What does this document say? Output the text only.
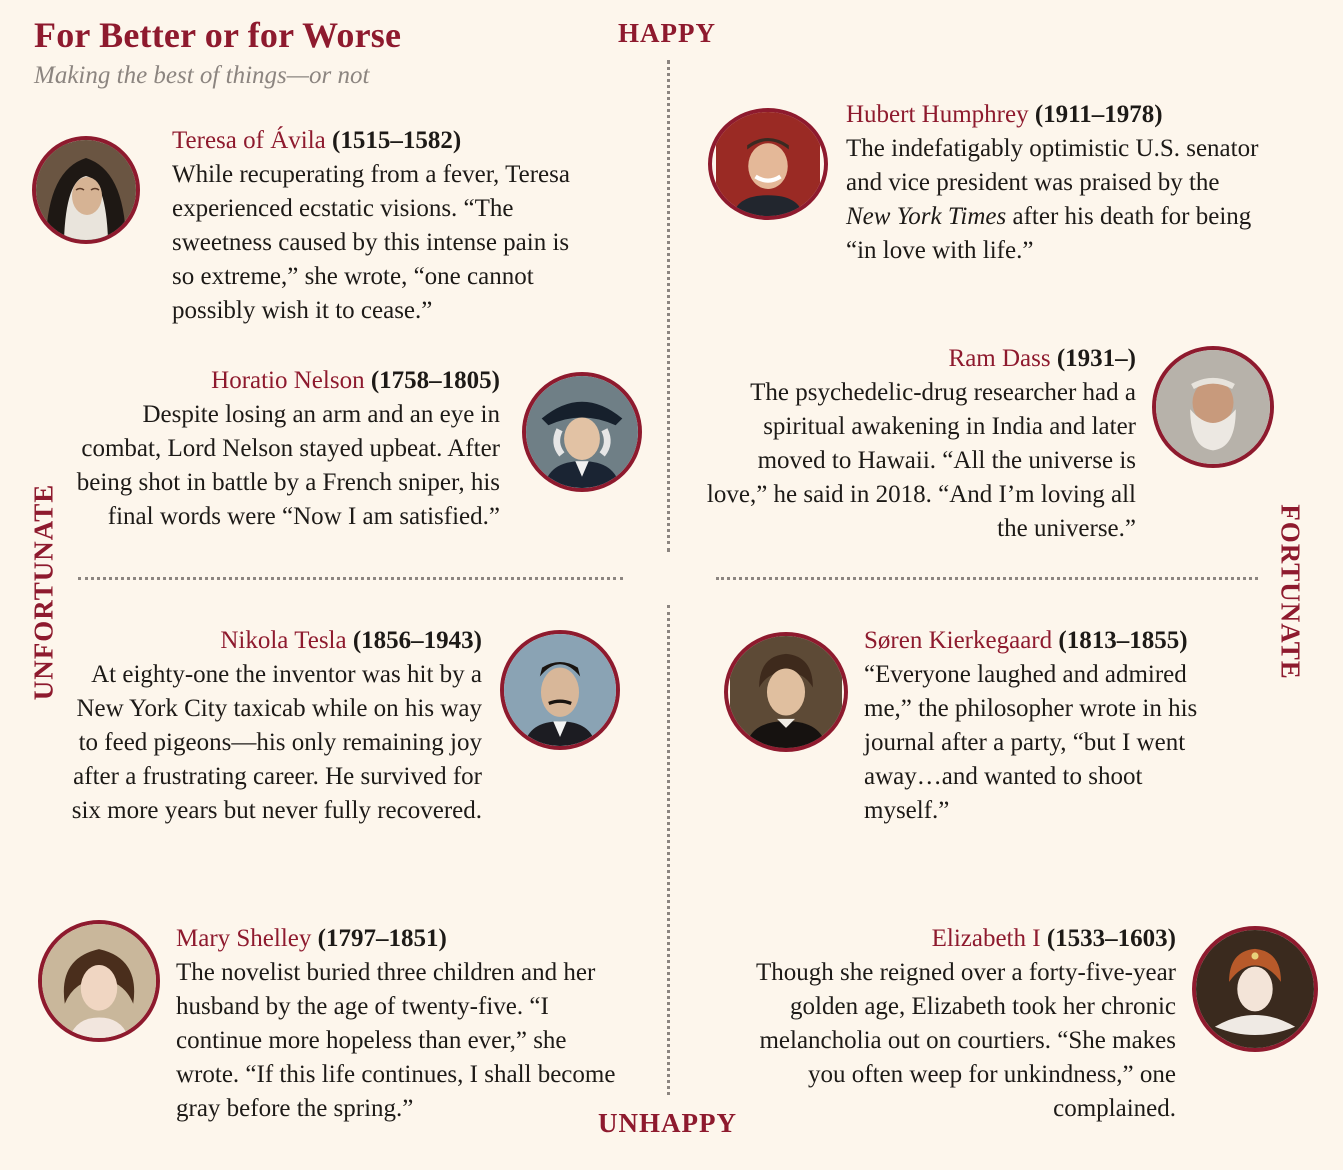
For Better or for Worse
Making the best of things—or not
HAPPY
UNHAPPY
UNFORTUNATE	FORTUNATE
Teresa of Ávila (1515–1582)
While recuperating from a fever, Teresa experienced ecstatic visions. “The sweetness caused by this intense pain is so extreme,” she wrote, “one cannot possibly wish it to cease.”
Horatio Nelson (1758–1805)
Despite losing an arm and an eye in combat, Lord Nelson stayed upbeat. After being shot in battle by a French sniper, his final words were “Now I am satisfied.”
Nikola Tesla (1856–1943)
At eighty-one the inventor was hit by a New York City taxicab while on his way to feed pigeons—his only remaining joy after a frustrating career. He survived for six more years but never fully recovered.
Mary Shelley (1797–1851)
The novelist buried three children and her husband by the age of twenty-five. “I continue more hopeless than ever,” she wrote. “If this life continues, I shall become gray before the spring.”
Hubert Humphrey (1911–1978)
The indefatigably optimistic U.S. senator and vice president was praised by the New York Times after his death for being “in love with life.”
Ram Dass (1931–)
The psychedelic-drug researcher had a spiritual awakening in India and later moved to Hawaii. “All the universe is love,” he said in 2018. “And I’m loving all the universe.”
Søren Kierkegaard (1813–1855)
“Everyone laughed and admired me,” the philosopher wrote in his journal after a party, “but I went away…and wanted to shoot myself.”
Elizabeth I (1533–1603)
Though she reigned over a forty-five-year golden age, Elizabeth took her chronic melancholia out on courtiers. “She makes you often weep for unkindness,” one complained.
